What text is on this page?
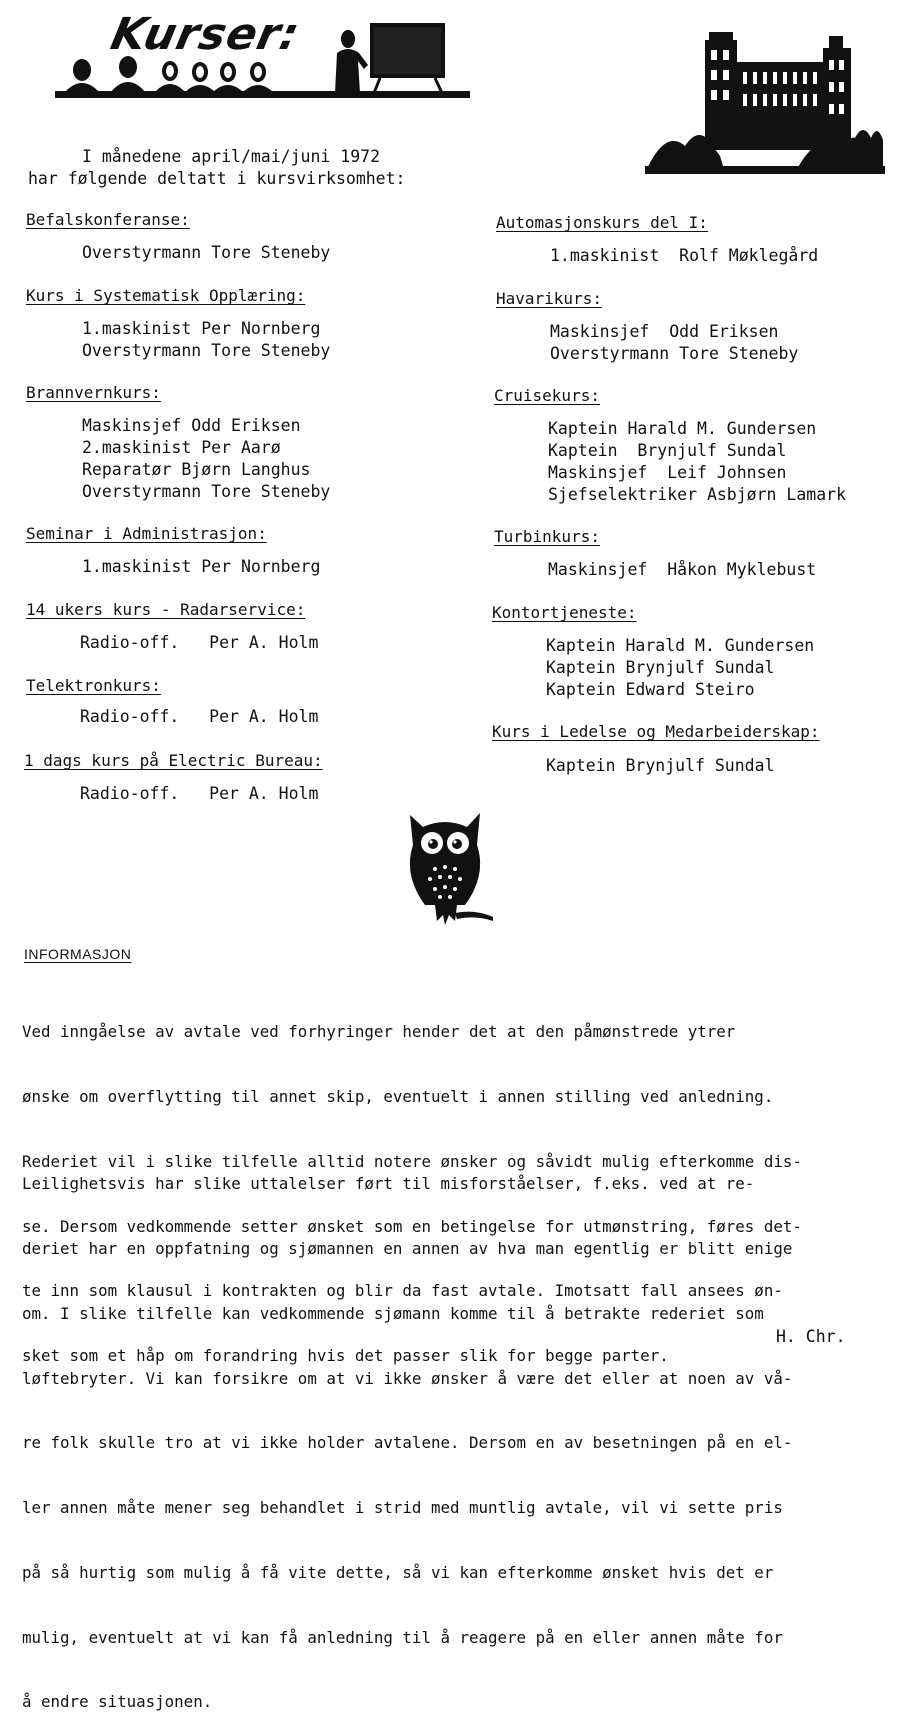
Kurser:
I månedene april/mai/juni 1972
har følgende deltatt i kursvirksomhet:
Befalskonferanse:
Overstyrmann Tore Steneby
Kurs i Systematisk Opplæring:
1.maskinist Per Nornberg
Overstyrmann Tore Steneby
Brannvernkurs:
Maskinsjef Odd Eriksen
2.maskinist Per Aarø
Reparatør Bjørn Langhus
Overstyrmann Tore Steneby
Seminar i Administrasjon:
1.maskinist Per Nornberg
14 ukers kurs - Radarservice:
Radio-off.   Per A. Holm
Telektronkurs:
Radio-off.   Per A. Holm
1 dags kurs på Electric Bureau:
Radio-off.   Per A. Holm
Automasjonskurs del I:
1.maskinist  Rolf Møklegård
Havarikurs:
Maskinsjef  Odd Eriksen
Overstyrmann Tore Steneby
Cruisekurs:
Kaptein Harald M. Gundersen
Kaptein  Brynjulf Sundal
Maskinsjef  Leif Johnsen
Sjefselektriker Asbjørn Lamark
Turbinkurs:
Maskinsjef  Håkon Myklebust
Kontortjeneste:
Kaptein Harald M. Gundersen
Kaptein Brynjulf Sundal
Kaptein Edward Steiro
Kurs i Ledelse og Medarbeiderskap:
Kaptein Brynjulf Sundal
INFORMASJON

Ved inngåelse av avtale ved forhyringer hender det at den påmønstrede ytrer

ønske om overflytting til annet skip, eventuelt i annen stilling ved anledning.

Rederiet vil i slike tilfelle alltid notere ønsker og såvidt mulig efterkomme dis-

se. Dersom vedkommende setter ønsket som en betingelse for utmønstring, føres det-

te inn som klausul i kontrakten og blir da fast avtale. Imotsatt fall ansees øn-

sket som et håp om forandring hvis det passer slik for begge parter.

Leilighetsvis har slike uttalelser ført til misforståelser, f.eks. ved at re-

deriet har en oppfatning og sjømannen en annen av hva man egentlig er blitt enige

om. I slike tilfelle kan vedkommende sjømann komme til å betrakte rederiet som

løftebryter. Vi kan forsikre om at vi ikke ønsker å være det eller at noen av vå-

re folk skulle tro at vi ikke holder avtalene. Dersom en av besetningen på en el-

ler annen måte mener seg behandlet i strid med muntlig avtale, vil vi sette pris

på så hurtig som mulig å få vite dette, så vi kan efterkomme ønsket hvis det er

mulig, eventuelt at vi kan få anledning til å reagere på en eller annen måte for

å endre situasjonen.

H. Chr.
